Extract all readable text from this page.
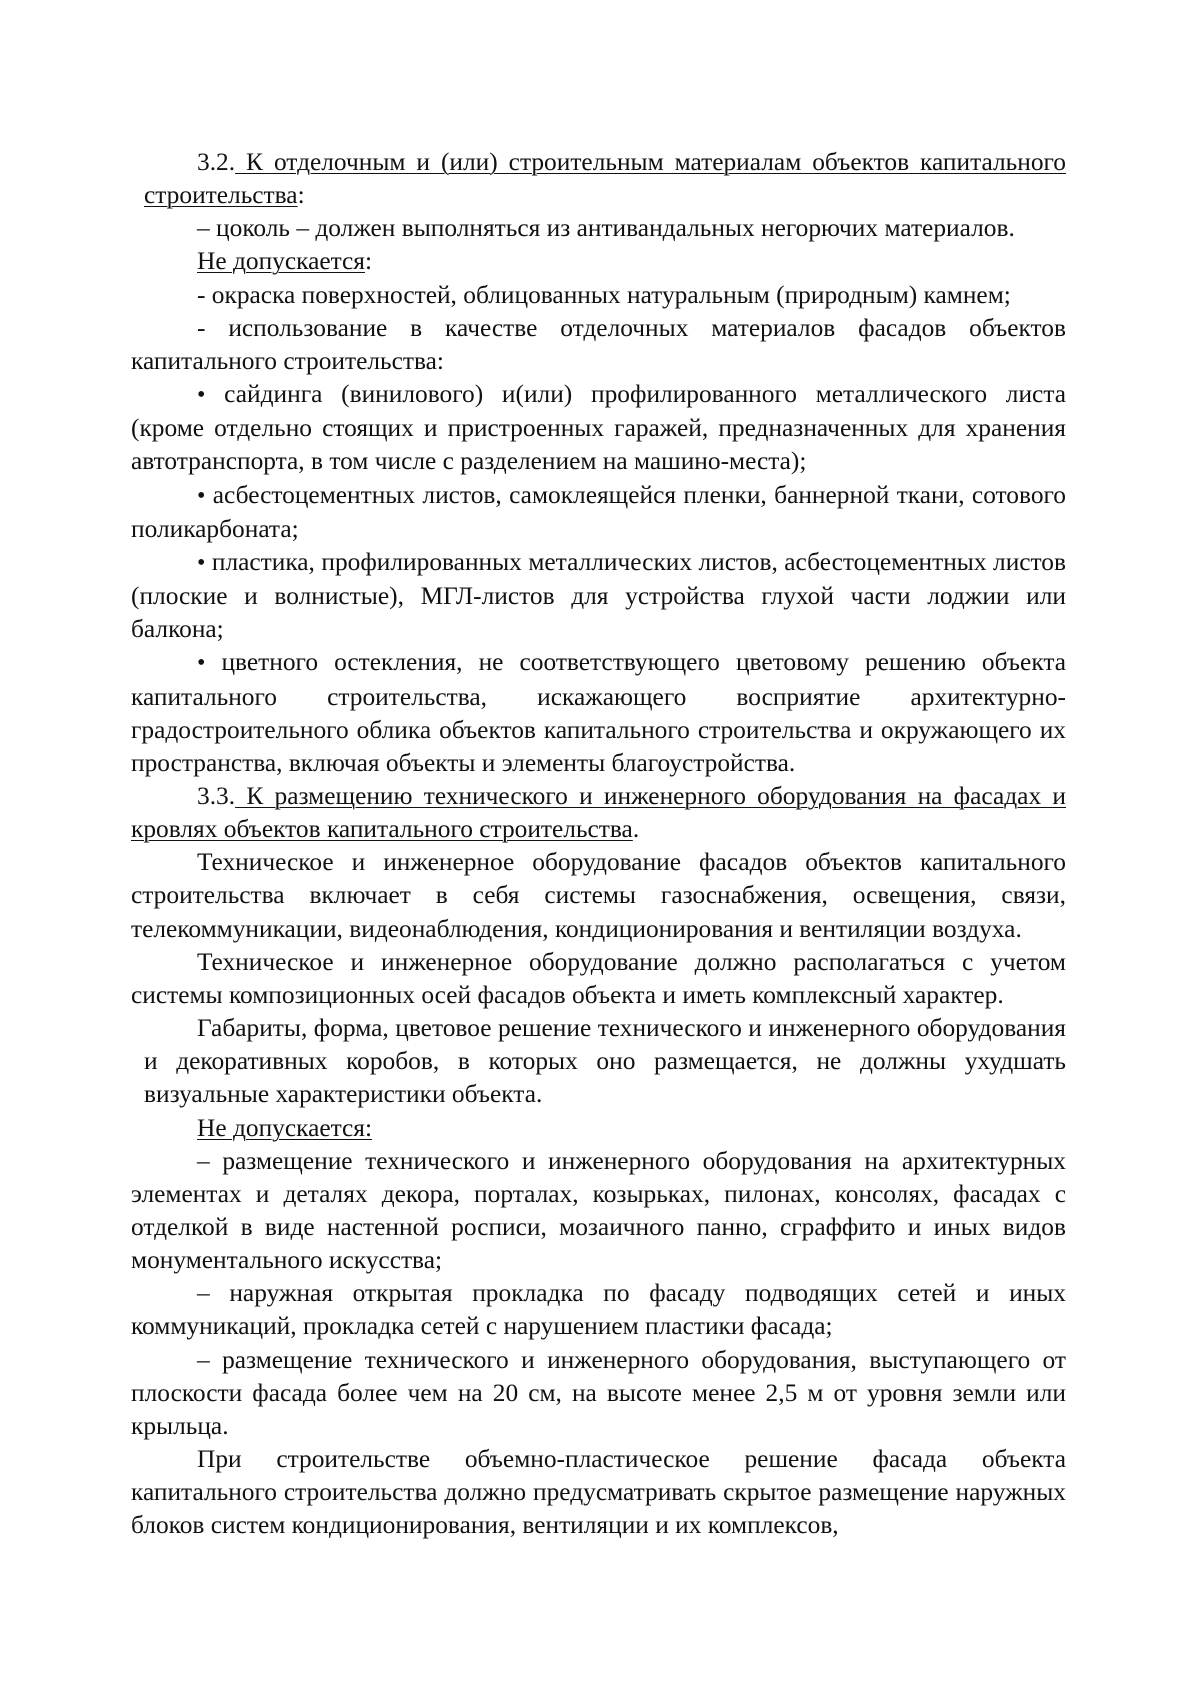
3.2. К отделочным и (или) строительным материалам объектов капитального строительства:

– цоколь – должен выполняться из антивандальных негорючих материалов.

Не допускается:

- окраска поверхностей, облицованных натуральным (природным) камнем;

- использование в качестве отделочных материалов фасадов объектов капитального строительства:

• сайдинга (винилового) и(или) профилированного металлического листа (кроме отдельно стоящих и пристроенных гаражей, предназначенных для хранения автотранспорта, в том числе с разделением на машино-места);

• асбестоцементных листов, самоклеящейся пленки, баннерной ткани, сотового поликарбоната;

• пластика, профилированных металлических листов, асбестоцементных листов (плоские и волнистые), МГЛ-листов для устройства глухой части лоджии или балкона;

• цветного остекления, не соответствующего цветовому решению объекта капитального строительства, искажающего восприятие архитектурно-градостроительного облика объектов капитального строительства и окружающего их пространства, включая объекты и элементы благоустройства.

3.3. К размещению технического и инженерного оборудования на фасадах и кровлях объектов капитального строительства.

Техническое и инженерное оборудование фасадов объектов капитального строительства включает в себя системы газоснабжения, освещения, связи, телекоммуникации, видеонаблюдения, кондиционирования и вентиляции воздуха.

Техническое и инженерное оборудование должно располагаться с учетом системы композиционных осей фасадов объекта и иметь комплексный характер.

Габариты, форма, цветовое решение технического и инженерного оборудования и декоративных коробов, в которых оно размещается, не должны ухудшать визуальные характеристики объекта.

Не допускается:

– размещение технического и инженерного оборудования на архитектурных элементах и деталях декора, порталах, козырьках, пилонах, консолях, фасадах с отделкой в виде настенной росписи, мозаичного панно, сграффито и иных видов монументального искусства;

– наружная открытая прокладка по фасаду подводящих сетей и иных коммуникаций, прокладка сетей с нарушением пластики фасада;

– размещение технического и инженерного оборудования, выступающего от плоскости фасада более чем на 20 см, на высоте менее 2,5 м от уровня земли или крыльца.

При строительстве объемно-пластическое решение фасада объекта капитального строительства должно предусматривать скрытое размещение наружных блоков систем кондиционирования, вентиляции и их комплексов,
